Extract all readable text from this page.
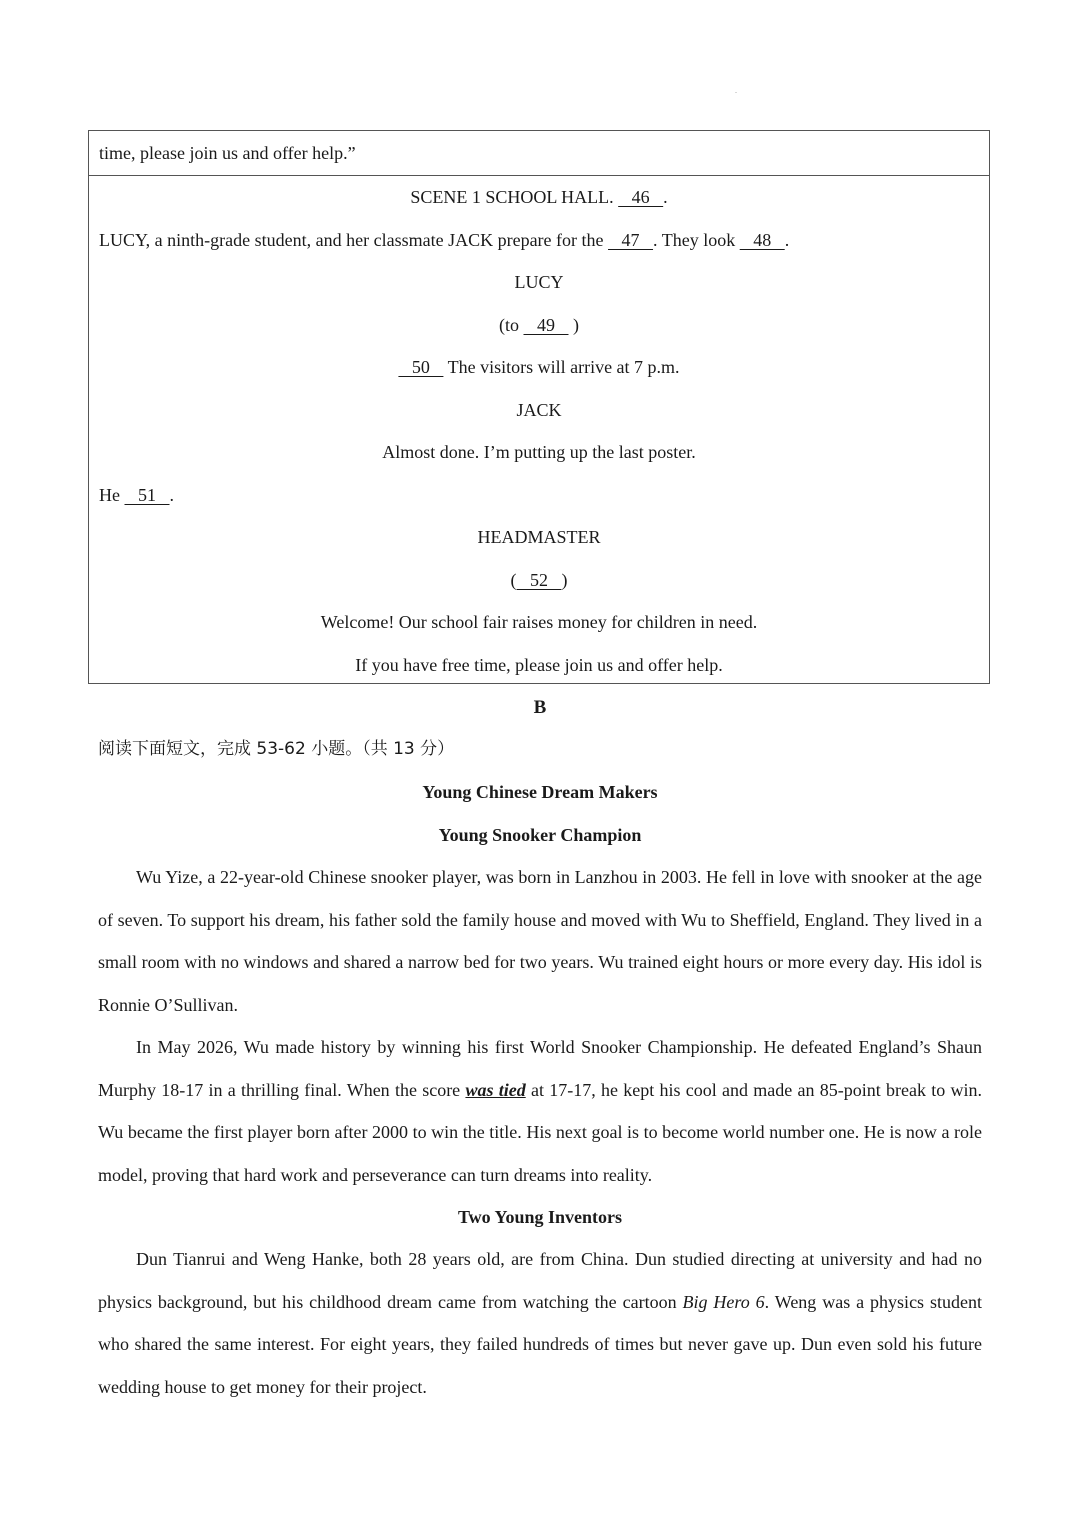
.
time, please join us and offer help.”
SCENE 1 SCHOOL HALL.    46   .
LUCY, a ninth-grade student, and her classmate JACK prepare for the    47   . They look    48   .
LUCY
(to    49    )
50    The visitors will arrive at 7 p.m.
JACK
Almost done. I’m putting up the last poster.
He    51   .
HEADMASTER
(   52   )
Welcome! Our school fair raises money for children in need.
If you have free time, please join us and offer help.
B
阅读下面短文，完成 53-62 小题。（共 13 分）
Young Chinese Dream Makers
Young Snooker Champion

Wu Yize, a 22-year-old Chinese snooker player, was born in Lanzhou in 2003. He fell in love with snooker at the age of seven. To support his dream, his father sold the family house and moved with Wu to Sheffield, England. They lived in a small room with no windows and shared a narrow bed for two years. Wu trained eight hours or more every day. His idol is Ronnie O’Sullivan.

In May 2026, Wu made history by winning his first World Snooker Championship. He defeated England’s Shaun Murphy 18-17 in a thrilling final. When the score was tied at 17-17, he kept his cool and made an 85-point break to win. Wu became the first player born after 2000 to win the title. His next goal is to become world number one. He is now a role model, proving that hard work and perseverance can turn dreams into reality.

Two Young Inventors

Dun Tianrui and Weng Hanke, both 28 years old, are from China. Dun studied directing at university and had no physics background, but his childhood dream came from watching the cartoon Big Hero 6. Weng was a physics student who shared the same interest. For eight years, they failed hundreds of times but never gave up. Dun even sold his future wedding house to get money for their project.
